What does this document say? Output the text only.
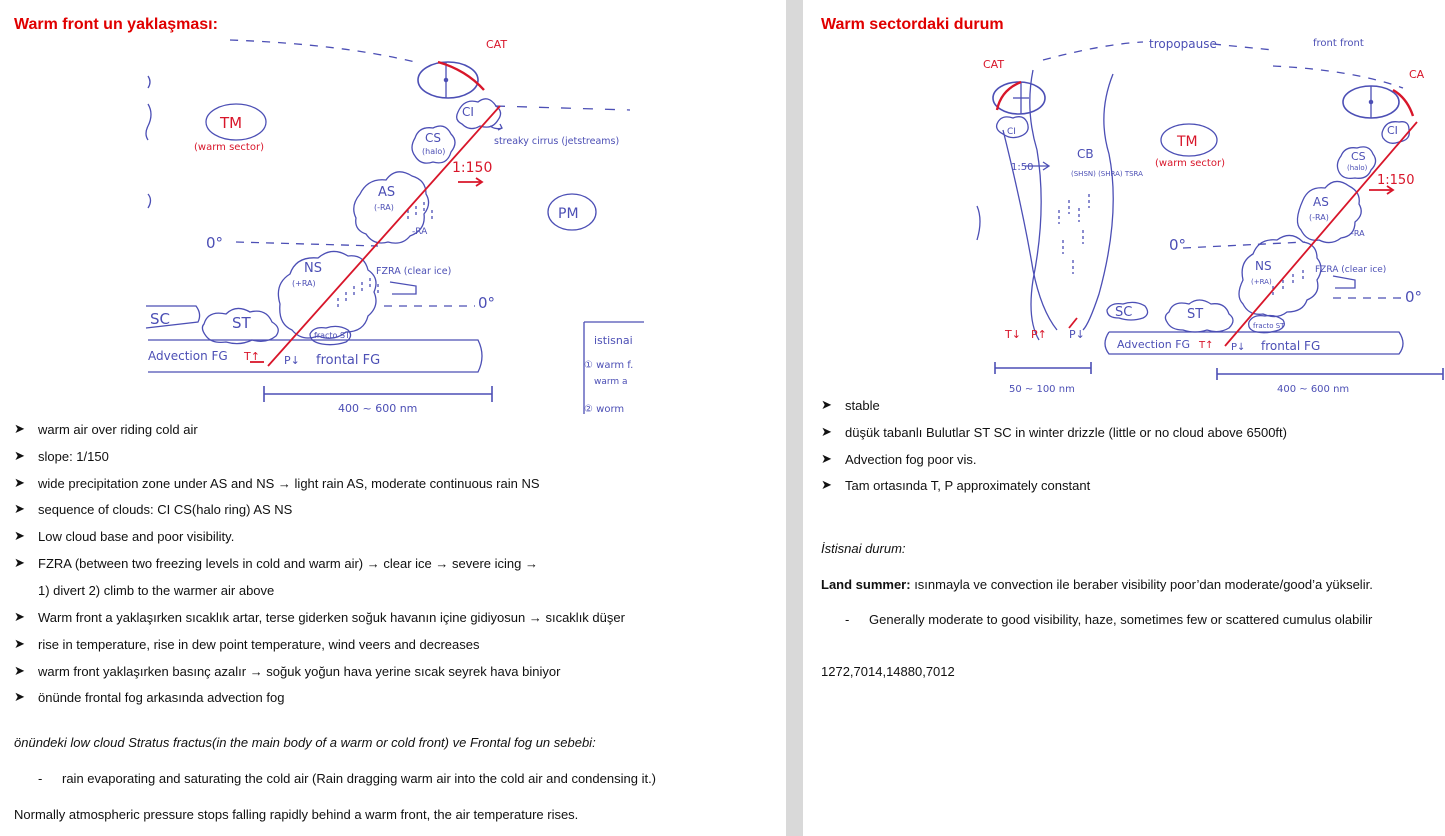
Warm front un yaklaşması:
CAT
CI
CS
(halo)
streaky cirrus (jetstreams)
1:150
AS
(-RA)
-RA
TM
(warm sector)
PM
0°
0°
NS
(+RA)
FZRA (clear ice)
SC	ST
fracto ST
Advection FG T↑ P↓ frontal FG
400 ~ 600 nm
istisnai
① warm f.
warm a
② worm
➤ warm air over riding cold air
➤ slope: 1/150
➤ wide precipitation zone under AS and NS → light rain AS, moderate continuous rain NS
➤ sequence of clouds: CI CS(halo ring) AS NS
➤ Low cloud base and poor visibility.
➤ FZRA (between two freezing levels in cold and warm air) → clear ice → severe icing →
1) divert 2) climb to the warmer air above
➤ Warm front a yaklaşırken sıcaklık artar, terse giderken soğuk havanın içine gidiyosun → sıcaklık düşer
➤ rise in temperature, rise in dew point temperature, wind veers and decreases
➤ warm front yaklaşırken basınç azalır → soğuk yoğun hava yerine sıcak seyrek hava biniyor
➤ önünde frontal fog arkasında advection fog
önündeki low cloud Stratus fractus(in the main body of a warm or cold front) ve Frontal fog un sebebi:
- rain evaporating and saturating the cold air (Rain dragging warm air into the cold air and condensing it.)
Normally atmospheric pressure stops falling rapidly behind a warm front, the air temperature rises.
Warm sectordaki durum
tropopause	front front
CAT
CA
CI
1:50
CB
(SHSN) (SHRA) TSRA
TM
(warm sector)
CI
CS
(halo)
1:150
AS
(-RA)
-RA
0°
0°
NS
(+RA)
FZRA (clear ice)
T↓ P↑ P↓
SC	ST
fracto ST
Advection FG T↑ P↓ frontal FG
50 ~ 100 nm	400 ~ 600 nm
➤ stable
➤ düşük tabanlı Bulutlar ST SC in winter drizzle (little or no cloud above 6500ft)
➤ Advection fog poor vis.
➤ Tam ortasında T, P approximately constant
İstisnai durum:
Land summer: ısınmayla ve convection ile beraber visibility poor’dan moderate/good’a yükselir.
- Generally moderate to good visibility, haze, sometimes few or scattered cumulus olabilir
1272,7014,14880,7012
